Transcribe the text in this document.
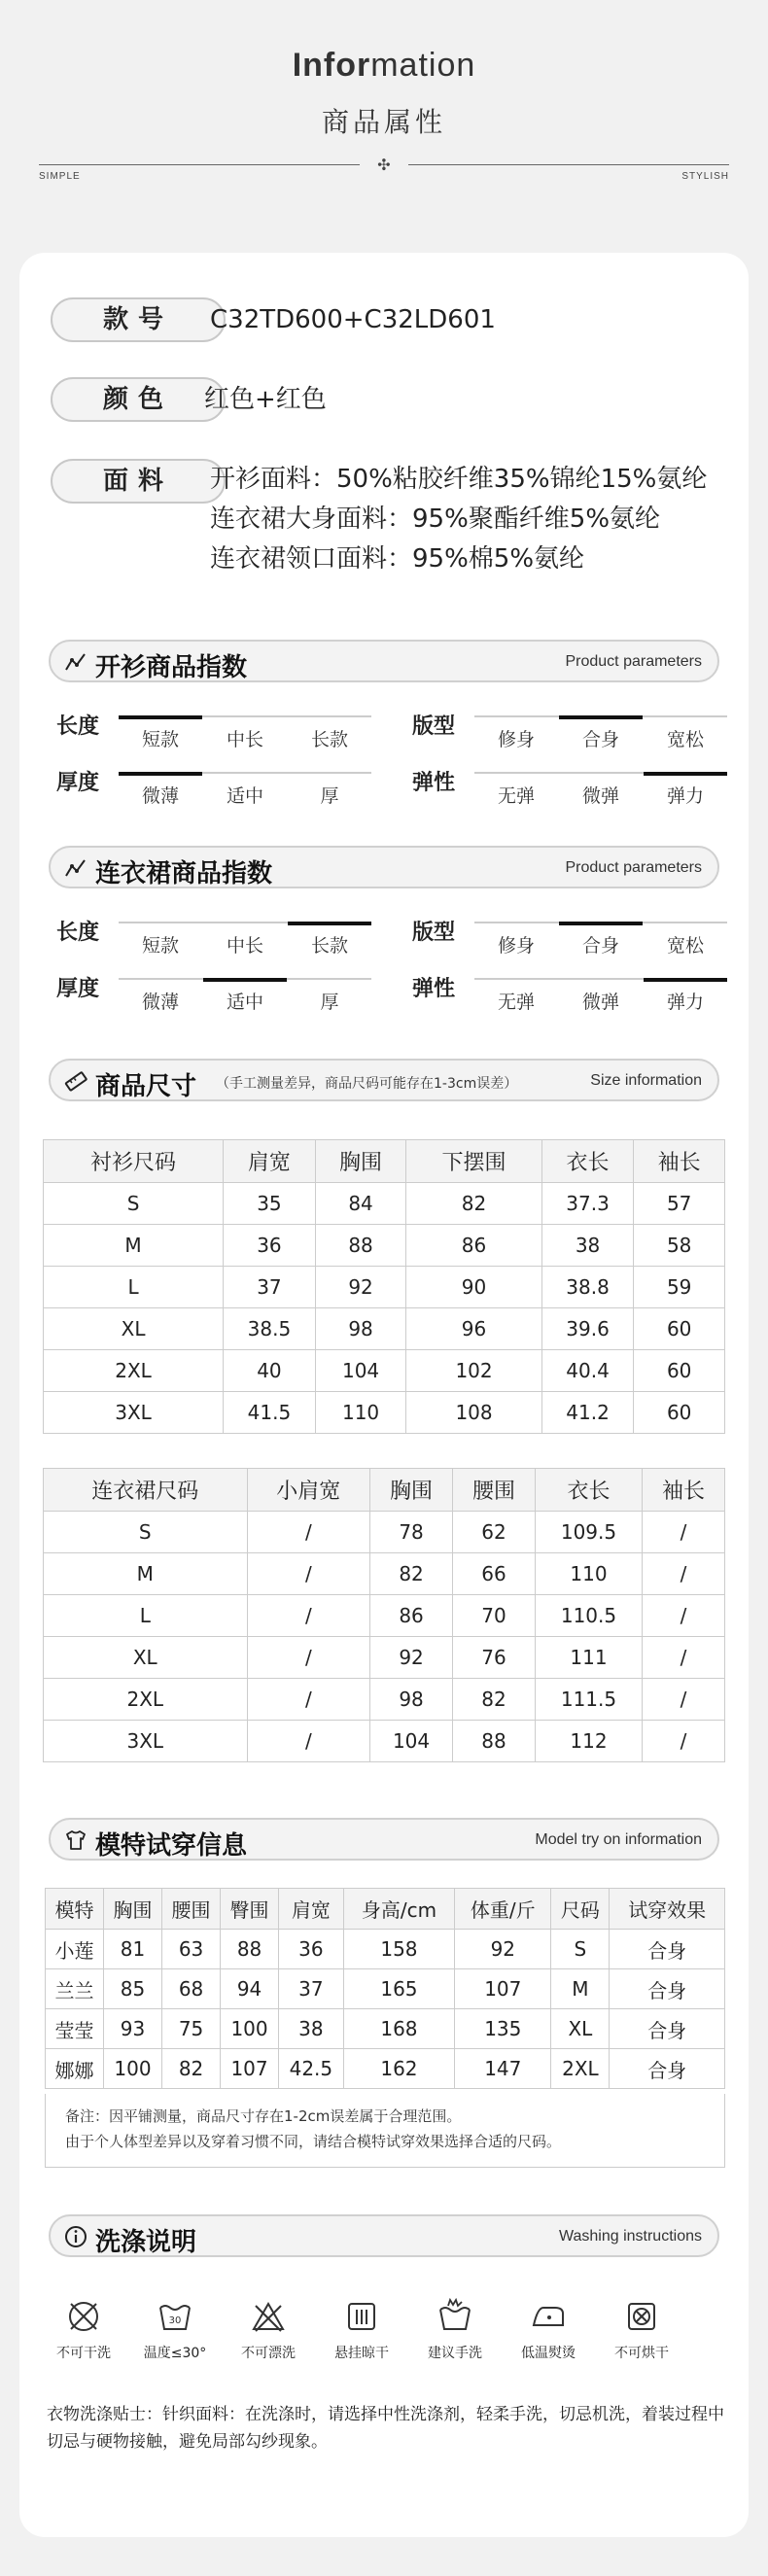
Information
商品属性
✣
SIMPLE	STYLISH
款号	C32TD600+C32LD601
颜色	红色+红色
面料	开衫面料：50%粘胶纤维35%锦纶15%氨纶
连衣裙大身面料：95%聚酯纤维5%氨纶
连衣裙领口面料：95%棉5%氨纶
开衫商品指数	Product parameters
长度
短款	中长	长款
版型
修身	合身	宽松
厚度
微薄	适中	厚
弹性
无弹	微弹	弹力
连衣裙商品指数	Product parameters
长度
短款	中长	长款
版型
修身	合身	宽松
厚度
微薄	适中	厚
弹性
无弹	微弹	弹力
商品尺寸 （手工测量差异，商品尺码可能存在1-3cm误差）	Size information
衬衫尺码	肩宽	胸围	下摆围	衣长	袖长
S	35	84	82	37.3	57
M	36	88	86	38	58
L	37	92	90	38.8	59
XL	38.5	98	96	39.6	60
2XL	40	104	102	40.4	60
3XL	41.5	110	108	41.2	60
连衣裙尺码	小肩宽	胸围	腰围	衣长	袖长
S	/	78	62	109.5	/
M	/	82	66	110	/
L	/	86	70	110.5	/
XL	/	92	76	111	/
2XL	/	98	82	111.5	/
3XL	/	104	88	112	/
模特试穿信息	Model try on information
模特	胸围	腰围	臀围	肩宽	身高/cm	体重/斤	尺码	试穿效果
小莲	81	63	88	36	158	92	S	合身
兰兰	85	68	94	37	165	107	M	合身
莹莹	93	75	100	38	168	135	XL	合身
娜娜	100	82	107	42.5	162	147	2XL	合身
备注：因平铺测量，商品尺寸存在1-2cm误差属于合理范围。
由于个人体型差异以及穿着习惯不同，请结合模特试穿效果选择合适的尺码。
洗涤说明	Washing instructions
不可干洗
30
温度≤30°	不可漂洗	悬挂晾干	建议手洗	低温熨烫	不可烘干
衣物洗涤贴士：针织面料：在洗涤时，请选择中性洗涤剂，轻柔手洗，切忌机洗，着装过程中切忌与硬物接触，避免局部勾纱现象。
